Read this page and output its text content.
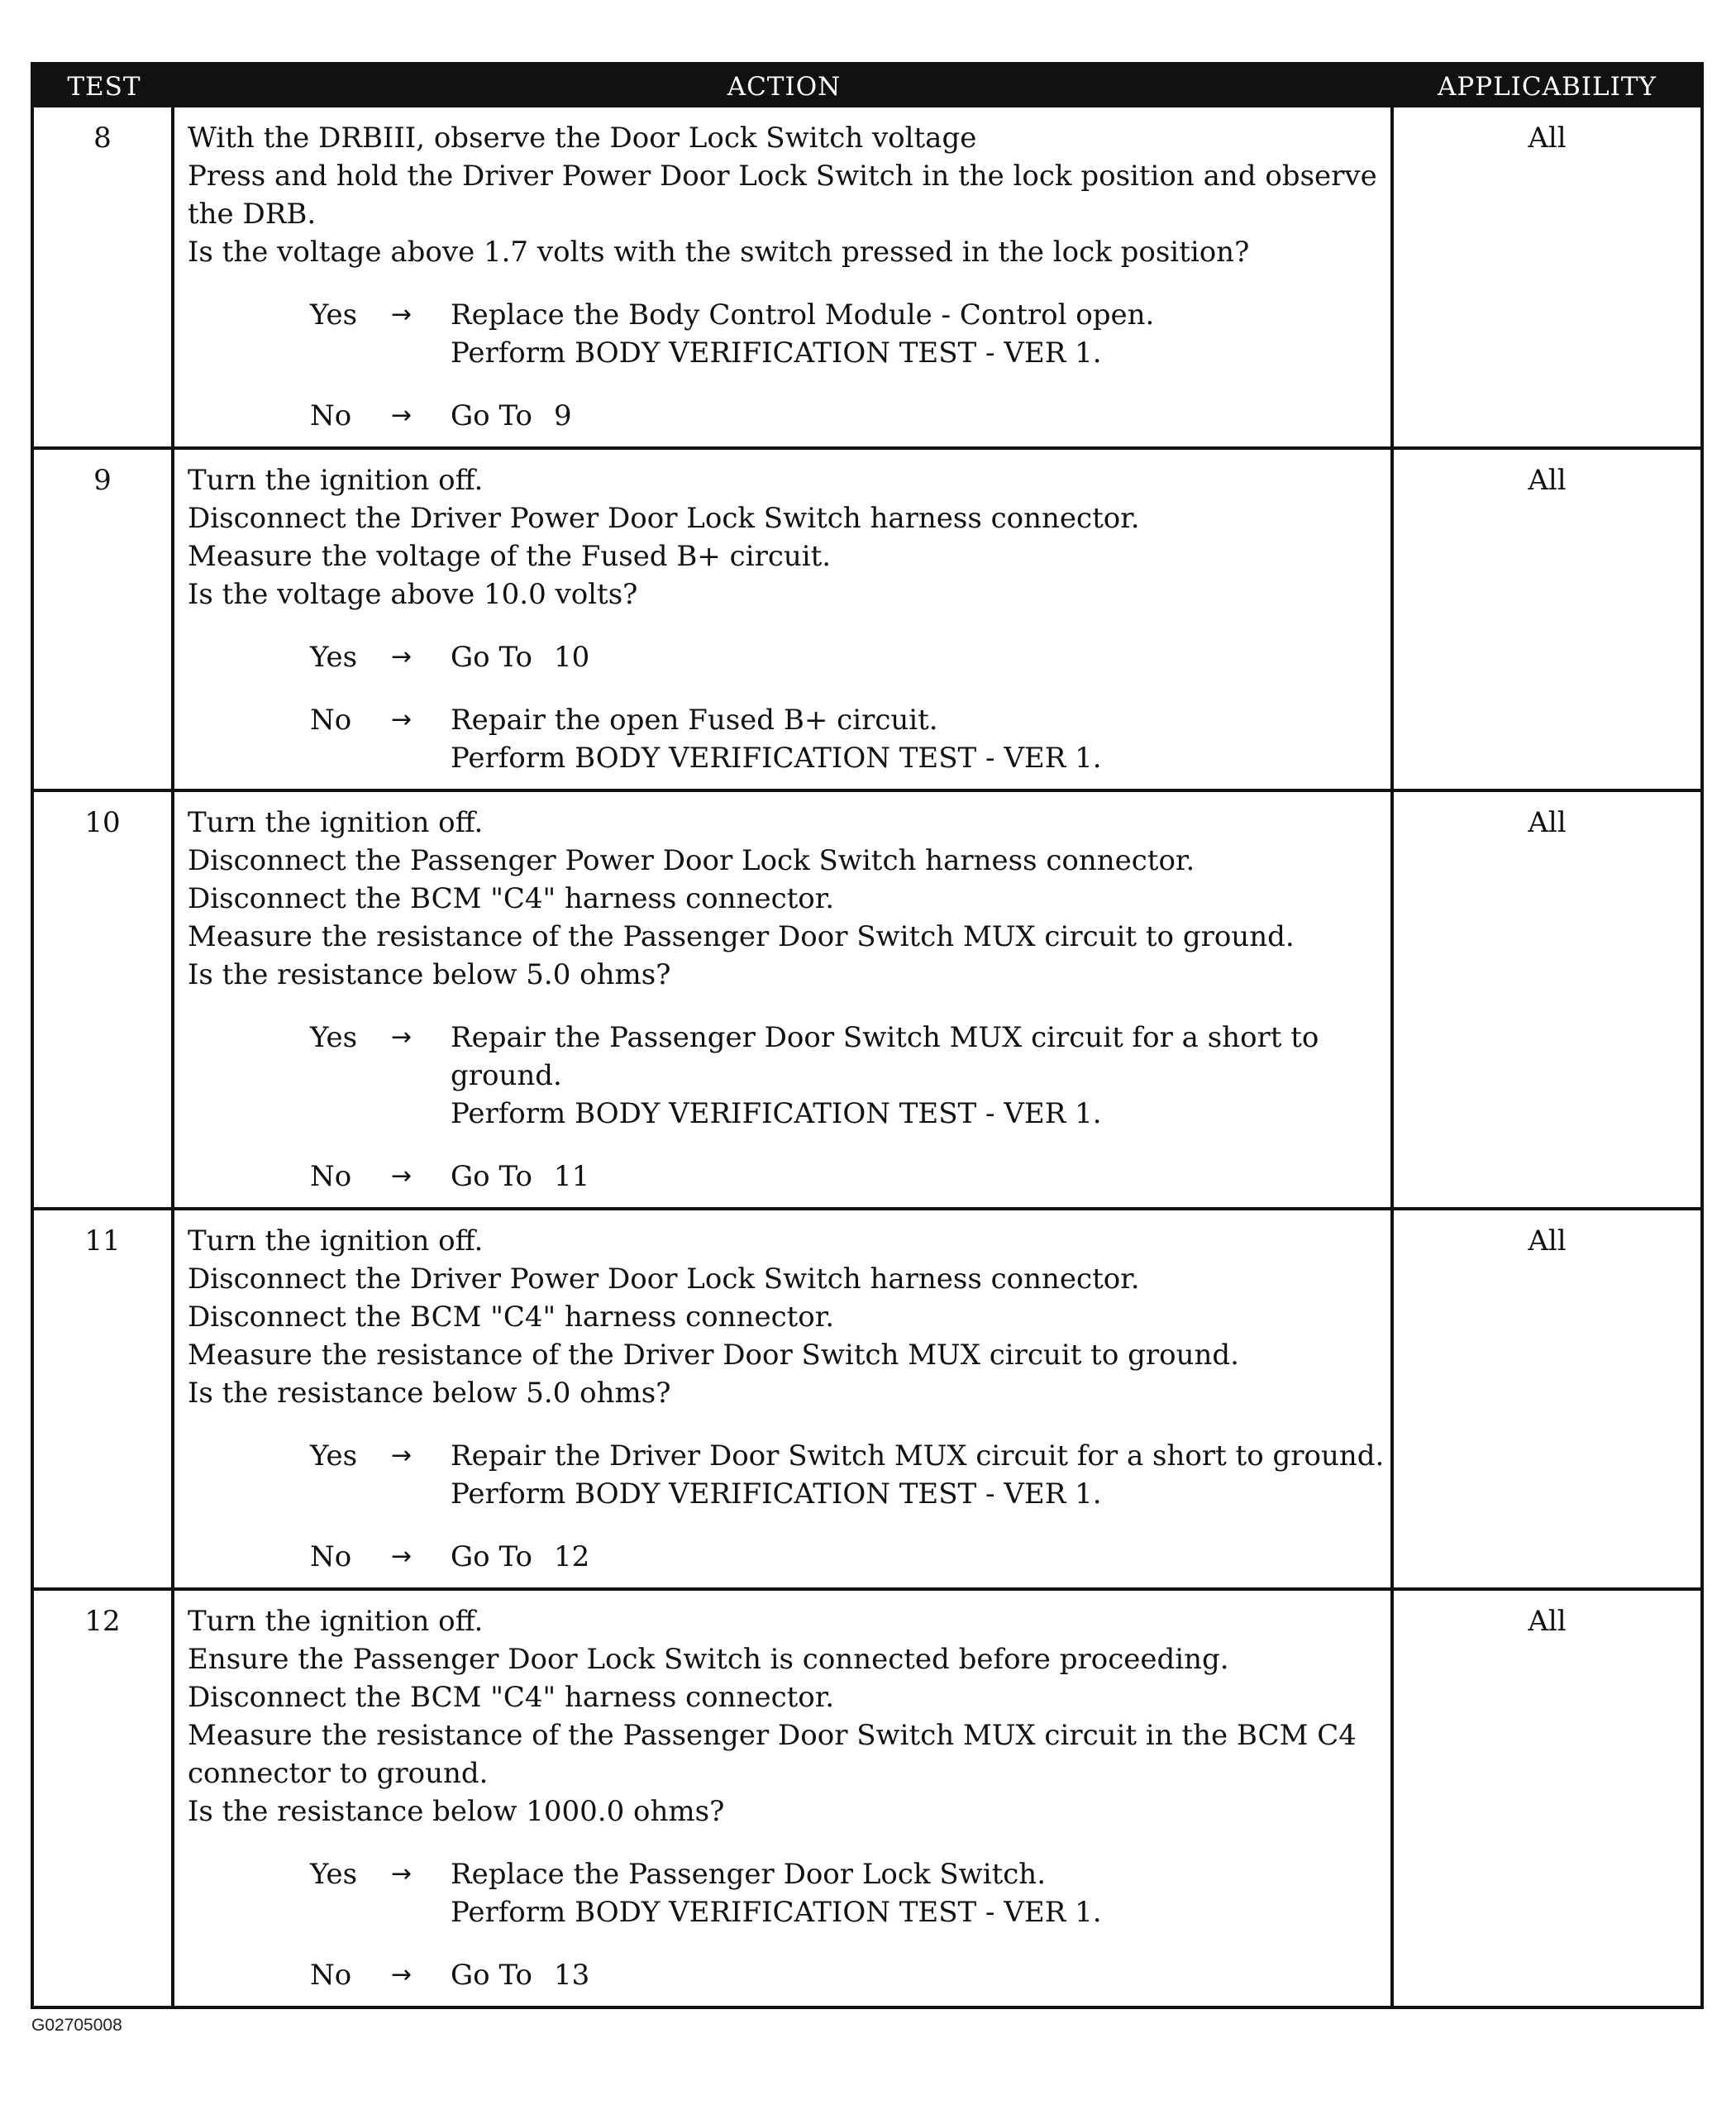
TEST	ACTION	APPLICABILITY
8	With the DRBIII, observe the Door Lock Switch voltage
Press and hold the Driver Power Door Lock Switch in the lock position and observe
the DRB.
Is the voltage above 1.7 volts with the switch pressed in the lock position?
Yes	→	Replace the Body Control Module - Control open.
Perform BODY VERIFICATION TEST - VER 1.
No	→	Go To 9
All
9	Turn the ignition off.
Disconnect the Driver Power Door Lock Switch harness connector.
Measure the voltage of the Fused B+ circuit.
Is the voltage above 10.0 volts?
Yes	→	Go To 10
No	→	Repair the open Fused B+ circuit.
Perform BODY VERIFICATION TEST - VER 1.
All
10	Turn the ignition off.
Disconnect the Passenger Power Door Lock Switch harness connector.
Disconnect the BCM "C4" harness connector.
Measure the resistance of the Passenger Door Switch MUX circuit to ground.
Is the resistance below 5.0 ohms?
Yes	→	Repair the Passenger Door Switch MUX circuit for a short to
ground.
Perform BODY VERIFICATION TEST - VER 1.
No	→	Go To 11
All
11	Turn the ignition off.
Disconnect the Driver Power Door Lock Switch harness connector.
Disconnect the BCM "C4" harness connector.
Measure the resistance of the Driver Door Switch MUX circuit to ground.
Is the resistance below 5.0 ohms?
Yes	→	Repair the Driver Door Switch MUX circuit for a short to ground.
Perform BODY VERIFICATION TEST - VER 1.
No	→	Go To 12
All
12	Turn the ignition off.
Ensure the Passenger Door Lock Switch is connected before proceeding.
Disconnect the BCM "C4" harness connector.
Measure the resistance of the Passenger Door Switch MUX circuit in the BCM C4
connector to ground.
Is the resistance below 1000.0 ohms?
Yes	→	Replace the Passenger Door Lock Switch.
Perform BODY VERIFICATION TEST - VER 1.
No	→	Go To 13
All
G02705008
